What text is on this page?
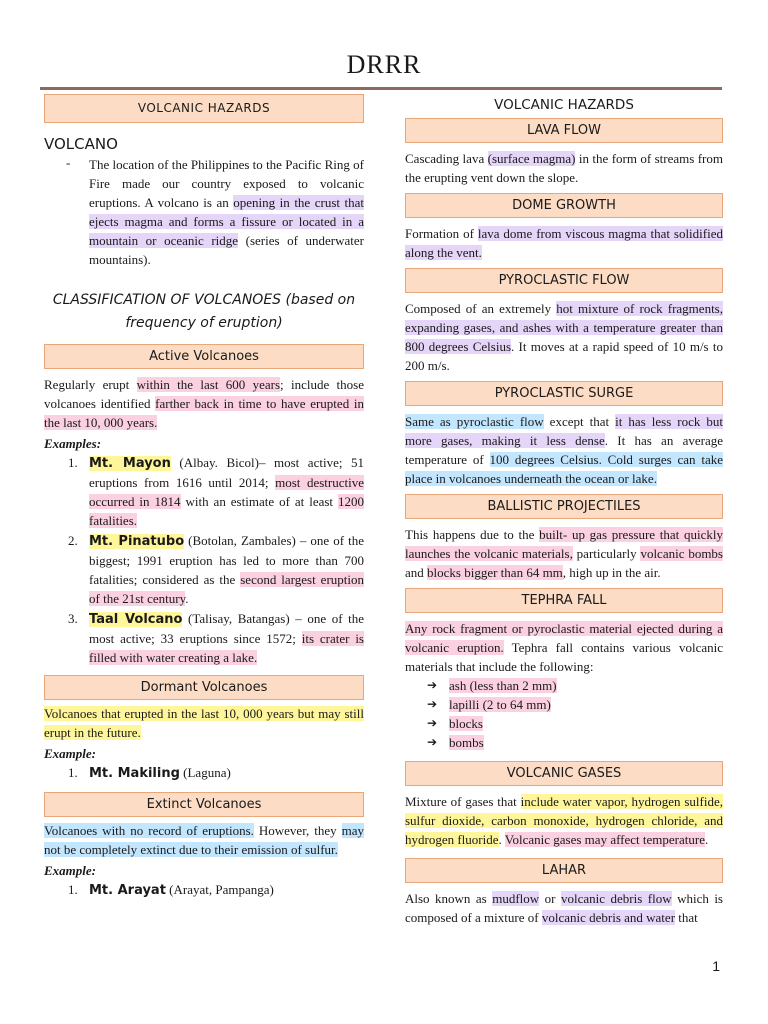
DRRR
VOLCANIC HAZARDS
VOLCANO
- The location of the Philippines to the Pacific Ring of Fire made our country exposed to volcanic eruptions. A volcano is an opening in the crust that ejects magma and forms a fissure or located in a mountain or oceanic ridge (series of underwater mountains).

CLASSIFICATION OF VOLCANOES (based on frequency of eruption)
Active Volcanoes

Regularly erupt within the last 600 years; include those volcanoes identified farther back in time to have erupted in the last 10, 000 years.

Examples:
1. Mt. Mayon (Albay. Bicol)– most active; 51 eruptions from 1616 until 2014; most destructive occurred in 1814 with an estimate of at least 1200 fatalities.
2. Mt. Pinatubo (Botolan, Zambales) – one of the biggest; 1991 eruption has led to more than 700 fatalities; considered as the second largest eruption of the 21st century.
3. Taal Volcano (Talisay, Batangas) – one of the most active; 33 eruptions since 1572; its crater is filled with water creating a lake.
Dormant Volcanoes

Volcanoes that erupted in the last 10, 000 years but may still erupt in the future.

Example:
1. Mt. Makiling (Laguna)
Extinct Volcanoes

Volcanoes with no record of eruptions. However, they may not be completely extinct due to their emission of sulfur.

Example:
1. Mt. Arayat (Arayat, Pampanga)
VOLCANIC HAZARDS
LAVA FLOW

Cascading lava (surface magma) in the form of streams from the erupting vent down the slope.

DOME GROWTH

Formation of lava dome from viscous magma that solidified along the vent.

PYROCLASTIC FLOW

Composed of an extremely hot mixture of rock fragments, expanding gases, and ashes with a temperature greater than 800 degrees Celsius. It moves at a rapid speed of 10 m/s to 200 m/s.

PYROCLASTIC SURGE

Same as pyroclastic flow except that it has less rock but more gases, making it less dense. It has an average temperature of 100 degrees Celsius. Cold surges can take place in volcanoes underneath the ocean or lake.

BALLISTIC PROJECTILES

This happens due to the built- up gas pressure that quickly launches the volcanic materials, particularly volcanic bombs and blocks bigger than 64 mm, high up in the air.

TEPHRA FALL

Any rock fragment or pyroclastic material ejected during a volcanic eruption. Tephra fall contains various volcanic materials that include the following:

➔ ash (less than 2 mm)
➔ lapilli (2 to 64 mm)
➔ blocks
➔ bombs
VOLCANIC GASES

Mixture of gases that include water vapor, hydrogen sulfide, sulfur dioxide, carbon monoxide, hydrogen chloride, and hydrogen fluoride. Volcanic gases may affect temperature.

LAHAR

Also known as mudflow or volcanic debris flow which is composed of a mixture of volcanic debris and water that

1
